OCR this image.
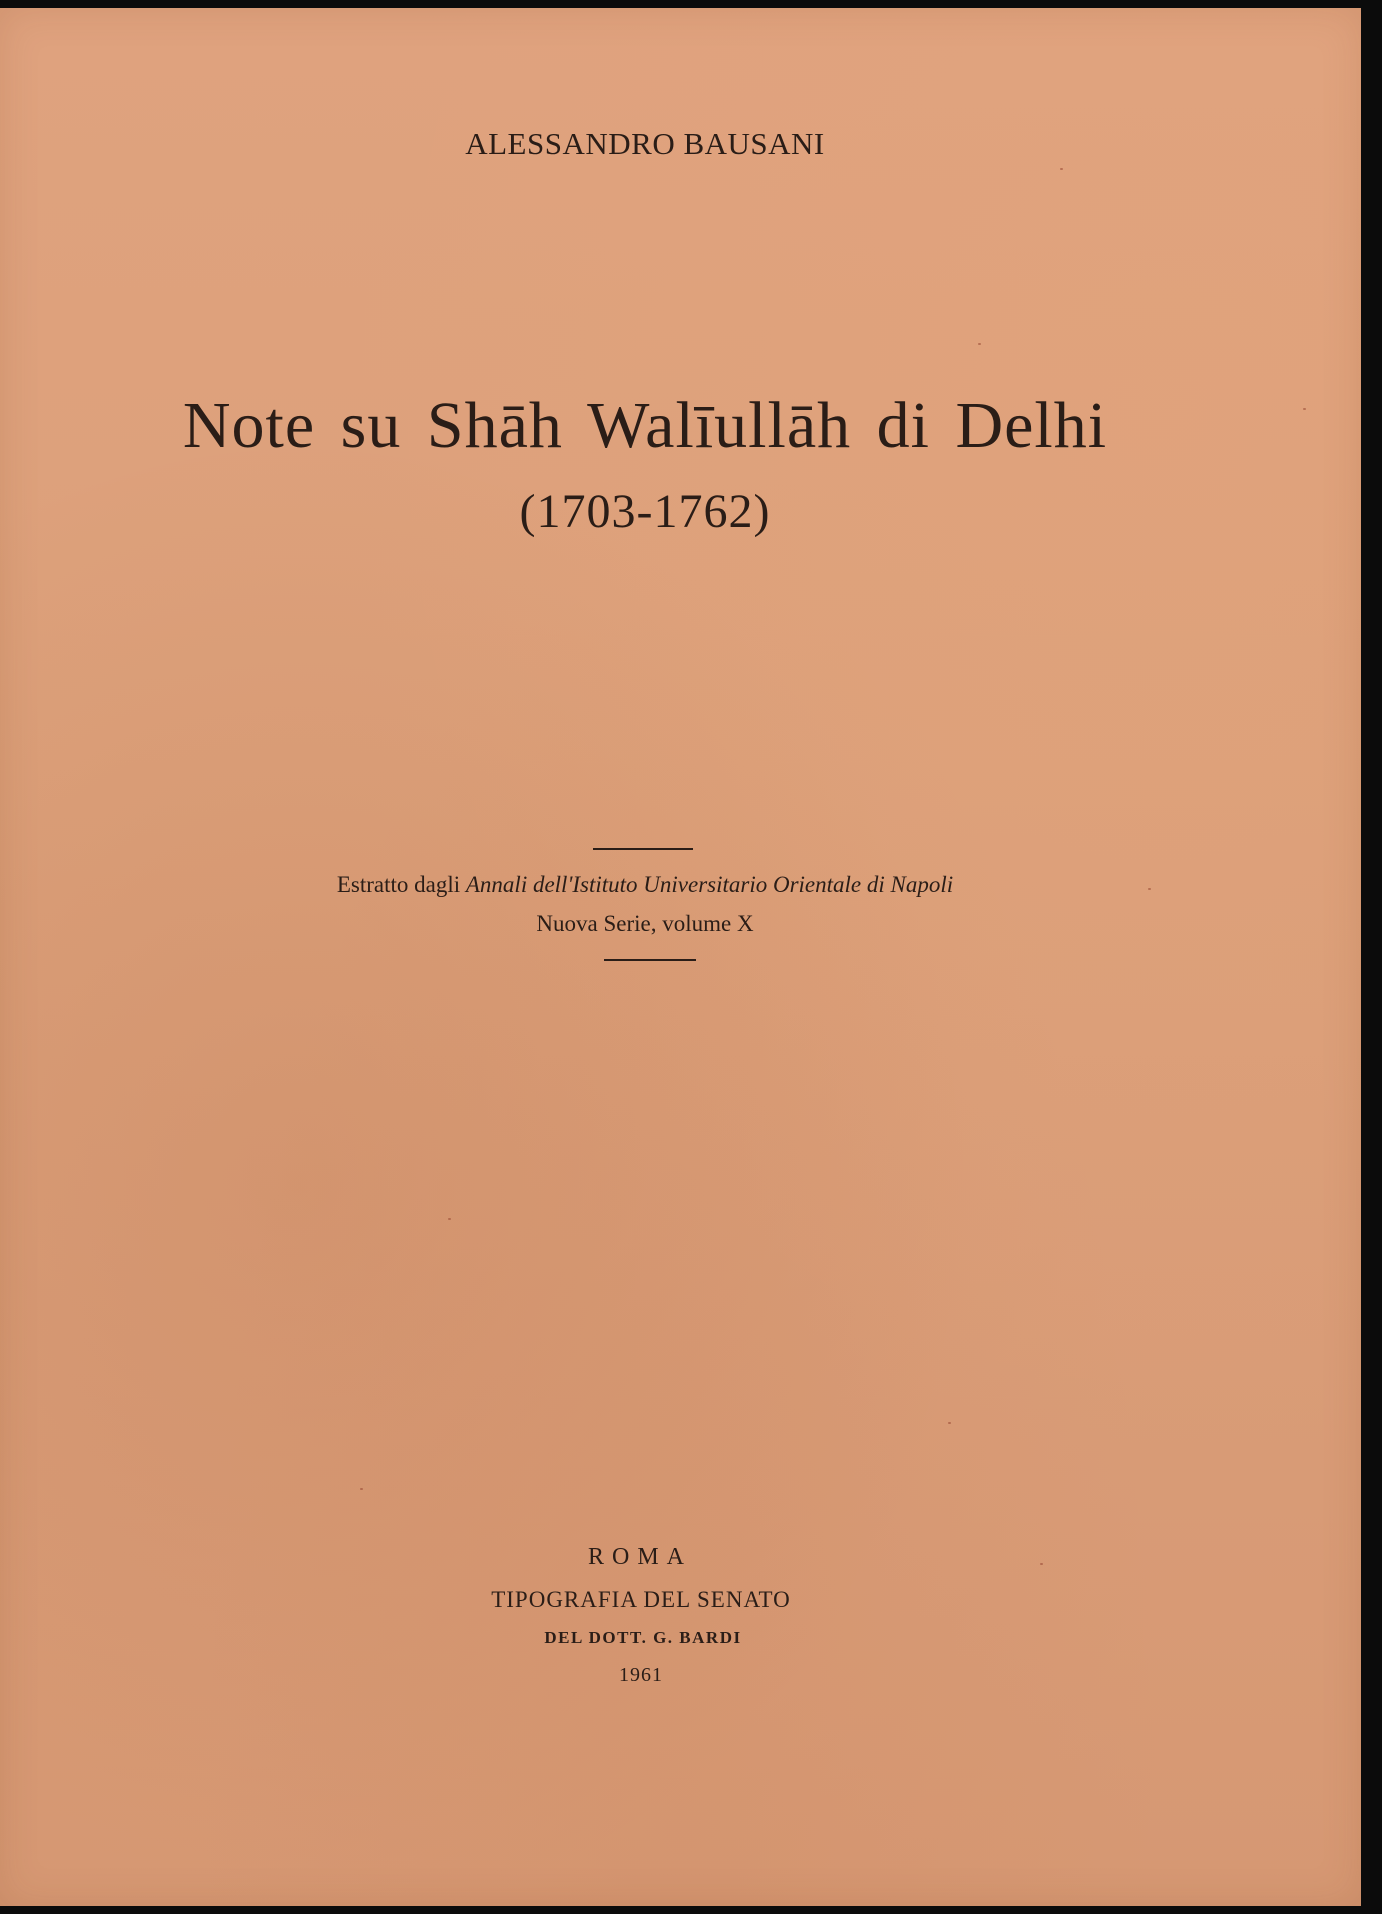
ALESSANDRO BAUSANI
Note su Shāh Walīullāh di Delhi
(1703-1762)
Estratto dagli Annali dell'Istituto Universitario Orientale di Napoli
Nuova Serie, volume X
ROMA
TIPOGRAFIA DEL SENATO
DEL DOTT. G. BARDI
1961
